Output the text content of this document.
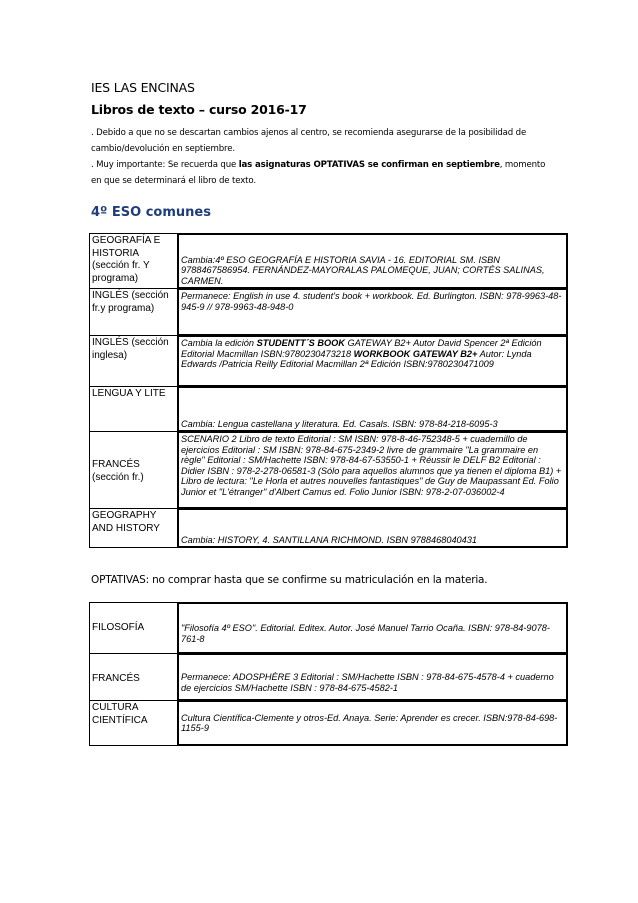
IES LAS ENCINAS
Libros de texto – curso 2016-17

. Debido a que no se descartan cambios ajenos al centro, se recomienda asegurarse de la posibilidad de

cambio/devolución en septiembre.

. Muy importante: Se recuerda que las asignaturas OPTATIVAS se confirman en septiembre, momento

en que se determinará el libro de texto.

4º ESO comunes
GEOGRAFÍA E HISTORIA (sección fr. Y programa)	Cambia:4º ESO GEOGRAFÍA E HISTORIA SAVIA - 16. EDITORIAL SM. ISBN 9788467586954. FERNÁNDEZ-MAYORALAS PALOMEQUE, JUAN; CORTÉS SALINAS, CARMEN.

INGLÉS (sección fr.y programa)	Permanece: English in use 4. student's book + workbook. Ed. Burlington. ISBN: 978-9963-48-945-9 // 978-9963-48-948-0

INGLÉS (sección inglesa)	Cambia la edición STUDENTT´S BOOK GATEWAY B2+ Autor David Spencer 2ª Edición Editorial Macmillan ISBN:9780230473218 WORKBOOK GATEWAY B2+ Autor: Lynda Edwards /Patricia Reilly Editorial Macmillan 2ª Edición ISBN:9780230471009

LENGUA Y LITE	Cambia: Lengua castellana y literatura. Ed. Casals. ISBN: 978-84-218-6095-3

FRANCÉS (sección fr.)	SCENARIO 2 Libro de texto Editorial : SM ISBN: 978-8-46-752348-5 + cuadernillo de ejercicios Editorial : SM ISBN: 978-84-675-2349-2 livre de grammaire "La grammaire en règle" Editorial : SM/Hachette ISBN: 978-84-67-53550-1 + Réussir le DELF B2 Editorial : Didier ISBN : 978-2-278-06581-3 (Sólo para aquellos alumnos que ya tienen el diploma B1) + Libro de lectura: "Le Horla et autres nouvelles fantastiques" de Guy de Maupassant Ed. Folio Junior et "L'étranger" d'Albert Camus ed. Folio Junior ISBN: 978-2-07-036002-4

GEOGRAPHY AND HISTORY	Cambia: HISTORY, 4. SANTILLANA RICHMOND. ISBN 9788468040431
OPTATIVAS: no comprar hasta que se confirme su matriculación en la materia.
FILOSOFÍA	"Filosofía 4º ESO". Editorial. Editex. Autor. José Manuel Tarrio Ocaña. ISBN: 978-84-9078-761-8

FRANCÉS	Permanece: ADOSPHÈRE 3 Editorial : SM/Hachette ISBN : 978-84-675-4578-4 + cuaderno de ejercicios SM/Hachette ISBN : 978-84-675-4582-1

CULTURA CIENTÍFICA	Cultura Científica-Clemente y otros-Ed. Anaya. Serie: Aprender es crecer. ISBN:978-84-698-1155-9
